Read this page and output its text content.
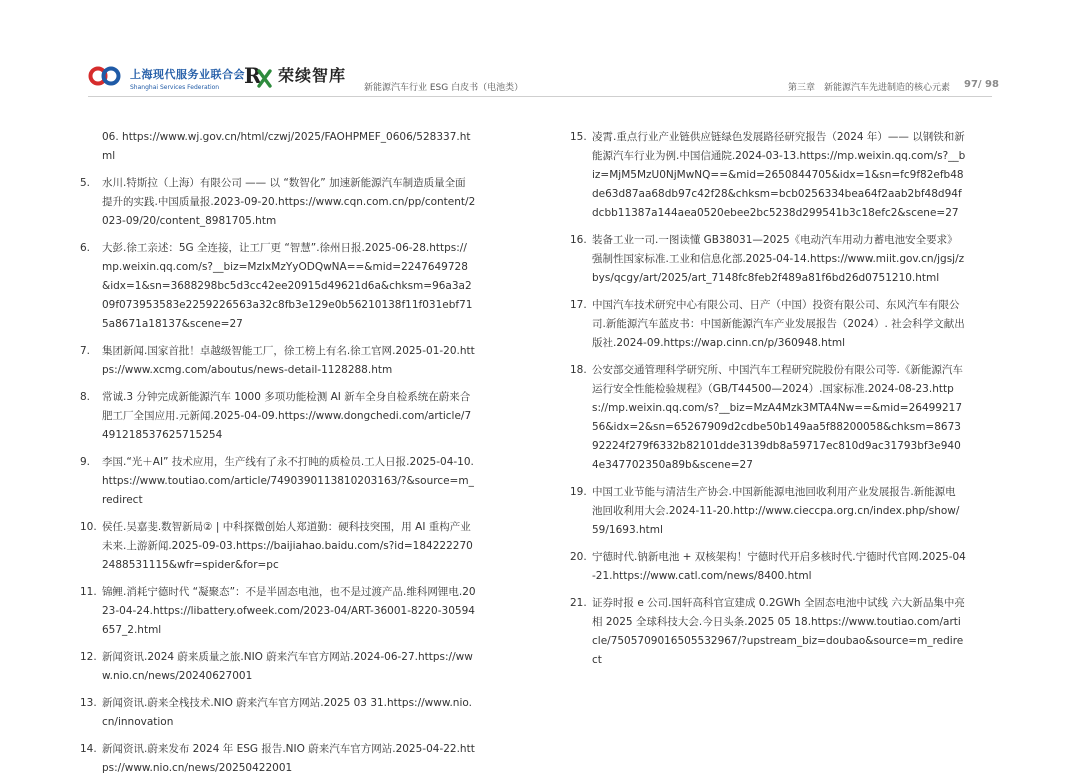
上海现代服务业联合会
Shanghai Services Federation	R 荣续智库
新能源汽车行业 ESG 白皮书（电池类）	第三章　新能源汽车先进制造的核心元素 97/ 98
06. https://www.wj.gov.cn/html/czwj/2025/FAOHPMEF_0606/528337.html
5. 水川.特斯拉（上海）有限公司 —— 以 “数智化” 加速新能源汽车制造质量全面提升的实践.中国质量报.2023-09-20.https://www.cqn.com.cn/pp/content/2023-09/20/content_8981705.htm
6. 大彭.徐工亲述：5G 全连接，让工厂更 “智慧”.徐州日报.2025-06-28.https://mp.weixin.qq.com/s?__biz=MzIxMzYyODQwNA==&mid=2247649728&idx=1&sn=3688298bc5d3cc42ee20915d49621d6a&chksm=96a3a209f073953583e2259226563a32c8fb3e129e0b56210138f11f031ebf715a8671a18137&scene=27
7. 集团新闻.国家首批！卓越级智能工厂，徐工榜上有名.徐工官网.2025-01-20.https://www.xcmg.com/aboutus/news-detail-1128288.htm
8. 常诚.3 分钟完成新能源汽车 1000 多项功能检测 AI 新车全身自检系统在蔚来合肥工厂全国应用.元新闻.2025-04-09.https://www.dongchedi.com/article/7491218537625715254
9. 李国.“光＋AI” 技术应用，生产线有了永不打盹的质检员.工人日报.2025-04-10.https://www.toutiao.com/article/7490390113810203163/?&source=m_redirect
10. 侯任.吴嘉斐.数智新局② | 中科探微创始人郑道勤：硬科技突围，用 AI 重构产业未来.上游新闻.2025-09-03.https://baijiahao.baidu.com/s?id=1842222702488531115&wfr=spider&for=pc
11. 锦鲤.消耗宁德时代 “凝聚态”：不是半固态电池，也不是过渡产品.维科网锂电.2023-04-24.https://libattery.ofweek.com/2023-04/ART-36001-8220-30594657_2.html
12. 新闻资讯.2024 蔚来质量之旅.NIO 蔚来汽车官方网站.2024-06-27.https://www.nio.cn/news/20240627001
13. 新闻资讯.蔚来全栈技术.NIO 蔚来汽车官方网站.2025 03 31.https://www.nio.cn/innovation
14. 新闻资讯.蔚来发布 2024 年 ESG 报告.NIO 蔚来汽车官方网站.2025-04-22.https://www.nio.cn/news/20250422001
15. 凌霄.重点行业产业链供应链绿色发展路径研究报告（2024 年）—— 以钢铁和新能源汽车行业为例.中国信通院.2024-03-13.https://mp.weixin.qq.com/s?__biz=MjM5MzU0NjMwNQ==&mid=2650844705&idx=1&sn=fc9f82efb48de63d87aa68db97c42f28&chksm=bcb0256334bea64f2aab2bf48d94fdcbb11387a144aea0520ebee2bc5238d299541b3c18efc2&scene=27
16. 装备工业一司.一图读懂 GB38031—2025《电动汽车用动力蓄电池安全要求》强制性国家标准.工业和信息化部.2025-04-14.https://www.miit.gov.cn/jgsj/zbys/qcgy/art/2025/art_7148fc8feb2f489a81f6bd26d0751210.html
17. 中国汽车技术研究中心有限公司、日产（中国）投资有限公司、东风汽车有限公司.新能源汽车蓝皮书：中国新能源汽车产业发展报告（2024）. 社会科学文献出版社.2024-09.https://wap.cinn.cn/p/360948.html
18. 公安部交通管理科学研究所、中国汽车工程研究院股份有限公司等.《新能源汽车运行安全性能检验规程》（GB/T44500—2024）.国家标准.2024-08-23.https://mp.weixin.qq.com/s?__biz=MzA4Mzk3MTA4Nw==&mid=2649921756&idx=2&sn=65267909d2cdbe50b149aa5f88200058&chksm=867392224f279f6332b82101dde3139db8a59717ec810d9ac31793bf3e9404e347702350a89b&scene=27
19. 中国工业节能与清洁生产协会.中国新能源电池回收利用产业发展报告.新能源电池回收利用大会.2024-11-20.http://www.cieccpa.org.cn/index.php/show/59/1693.html
20. 宁德时代.钠新电池 + 双核架构！宁德时代开启多核时代.宁德时代官网.2025-04-21.https://www.catl.com/news/8400.html
21. 证券时报 e 公司.国轩高科官宣建成 0.2GWh 全固态电池中试线 六大新品集中亮相 2025 全球科技大会.今日头条.2025 05 18.https://www.toutiao.com/article/7505709016505532967/?upstream_biz=doubao&source=m_redirect
